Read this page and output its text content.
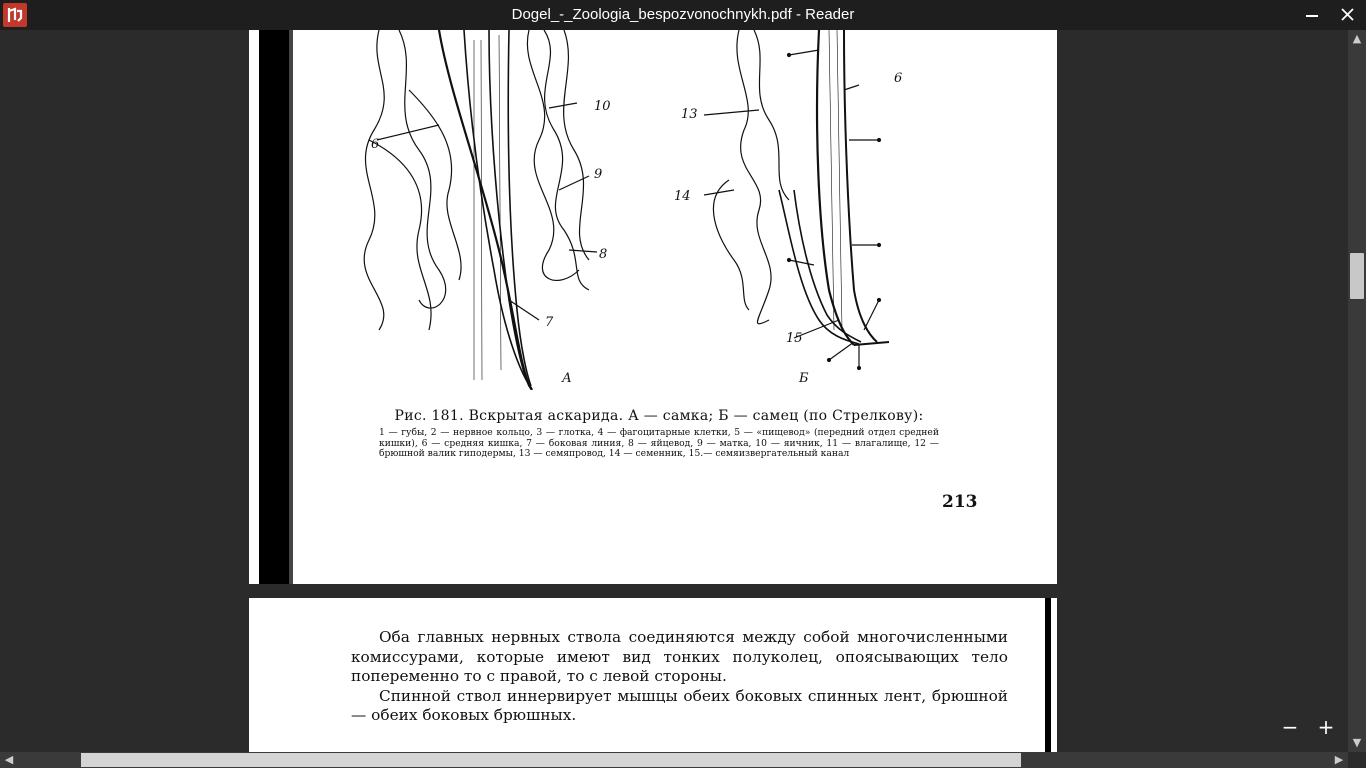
Dogel_-_Zoologia_bespozvonochnykh.pdf - Reader
6
10
9
8
7
А
13
6
14
15
Б
Рис. 181. Вскрытая аскарида. А — самка; Б — самец (по Стрелкову):
1 — губы, 2 — нервное кольцо, 3 — глотка, 4 — фагоцитарные клетки, 5 — «пищевод» (передний отдел средней кишки), 6 — средняя кишка, 7 — боковая линия, 8 — яйцевод, 9 — матка, 10 — яичник, 11 — влагалище, 12 — брюшной валик гиподермы, 13 — семяпровод, 14 — семенник, 15.— семяизвергательный канал
213

Оба главных нервных ствола соединяются между собой многочисленными комиссурами, которые имеют вид тонких полуколец, опоясывающих тело попеременно то с правой, то с левой стороны.

Спинной ствол иннервирует мышцы обеих боковых спинных лент, брюшной — обеих боковых брюшных.	− +
▲
▼
◀	▶
